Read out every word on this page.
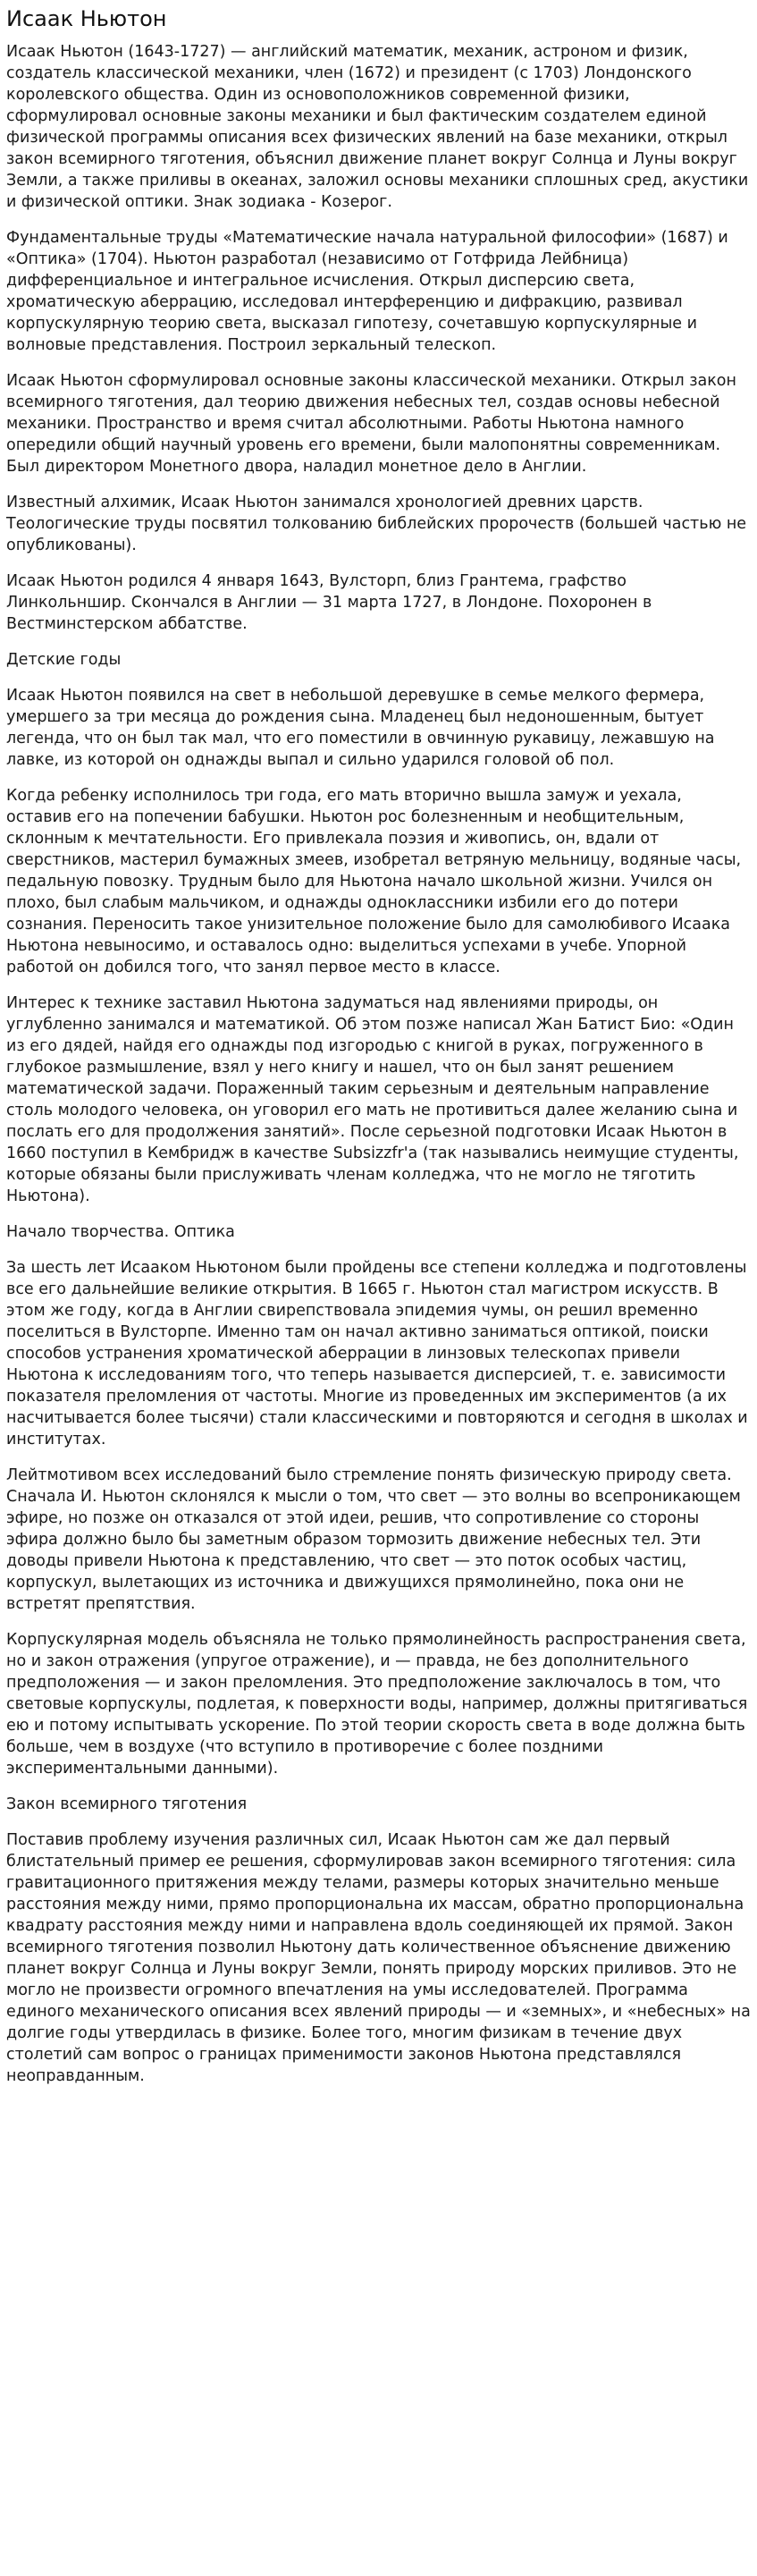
Исаак Ньютон

Исаак Ньютон (1643-1727) — английский математик, механик, астроном и физик, создатель классической механики, член (1672) и президент (с 1703) Лондонского королевского общества. Один из основоположников современной физики, сформулировал основные законы механики и был фактическим создателем единой физической программы описания всех физических явлений на базе механики, открыл закон всемирного тяготения, объяснил движение планет вокруг Солнца и Луны вокруг Земли, а также приливы в океанах, заложил основы механики сплошных сред, акустики и физической оптики. Знак зодиака - Козерог.

Фундаментальные труды «Математические начала натуральной философии» (1687) и «Оптика» (1704). Ньютон разработал (независимо от Готфрида Лейбница) дифференциальное и интегральное исчисления. Открыл дисперсию света, хроматическую аберрацию, исследовал интерференцию и дифракцию, развивал корпускулярную теорию света, высказал гипотезу, сочетавшую корпускулярные и волновые представления. Построил зеркальный телескоп.

Исаак Ньютон сформулировал основные законы классической механики. Открыл закон всемирного тяготения, дал теорию движения небесных тел, создав основы небесной механики. Пространство и время считал абсолютными. Работы Ньютона намного опередили общий научный уровень его времени, были малопонятны современникам. Был директором Монетного двора, наладил монетное дело в Англии.

Известный алхимик, Исаак Ньютон занимался хронологией древних царств. Теологические труды посвятил толкованию библейских пророчеств (большей частью не опубликованы).

Исаак Ньютон родился 4 января 1643, Вулсторп, близ Грантема, графство Линкольншир. Скончался в Англии — 31 марта 1727, в Лондоне. Похоронен в Вестминстерском аббатстве.

Детские годы

Исаак Ньютон появился на свет в небольшой деревушке в семье мелкого фермера, умершего за три месяца до рождения сына. Младенец был недоношенным, бытует легенда, что он был так мал, что его поместили в овчинную рукавицу, лежавшую на лавке, из которой он однажды выпал и сильно ударился головой об пол.

Когда ребенку исполнилось три года, его мать вторично вышла замуж и уехала, оставив его на попечении бабушки. Ньютон рос болезненным и необщительным, склонным к мечтательности. Его привлекала поэзия и живопись, он, вдали от сверстников, мастерил бумажных змеев, изобретал ветряную мельницу, водяные часы, педальную повозку. Трудным было для Ньютона начало школьной жизни. Учился он плохо, был слабым мальчиком, и однажды одноклассники избили его до потери сознания. Переносить такое унизительное положение было для самолюбивого Исаака Ньютона невыносимо, и оставалось одно: выделиться успехами в учебе. Упорной работой он добился того, что занял первое место в классе.

Интерес к технике заставил Ньютона задуматься над явлениями природы, он углубленно занимался и математикой. Об этом позже написал Жан Батист Био: «Один из его дядей, найдя его однажды под изгородью с книгой в руках, погруженного в глубокое размышление, взял у него книгу и нашел, что он был занят решением математической задачи. Пораженный таким серьезным и деятельным направление столь молодого человека, он уговорил его мать не противиться далее желанию сына и послать его для продолжения занятий». После серьезной подготовки Исаак Ньютон в 1660 поступил в Кембридж в качестве Subsizzfr'а (так назывались неимущие студенты, которые обязаны были прислуживать членам колледжа, что не могло не тяготить Ньютона).

Начало творчества. Оптика

За шесть лет Исааком Ньютоном были пройдены все степени колледжа и подготовлены все его дальнейшие великие открытия. В 1665 г. Ньютон стал магистром искусств. В этом же году, когда в Англии свирепствовала эпидемия чумы, он решил временно поселиться в Вулсторпе. Именно там он начал активно заниматься оптикой, поиски способов устранения хроматической аберрации в линзовых телескопах привели Ньютона к исследованиям того, что теперь называется дисперсией, т. е. зависимости показателя преломления от частоты. Многие из проведенных им экспериментов (а их насчитывается более тысячи) стали классическими и повторяются и сегодня в школах и институтах.

Лейтмотивом всех исследований было стремление понять физическую природу света. Сначала И. Ньютон склонялся к мысли о том, что свет — это волны во всепроникающем эфире, но позже он отказался от этой идеи, решив, что сопротивление со стороны эфира должно было бы заметным образом тормозить движение небесных тел. Эти доводы привели Ньютона к представлению, что свет — это поток особых частиц, корпускул, вылетающих из источника и движущихся прямолинейно, пока они не встретят препятствия.

Корпускулярная модель объясняла не только прямолинейность распространения света, но и закон отражения (упругое отражение), и — правда, не без дополнительного предположения — и закон преломления. Это предположение заключалось в том, что световые корпускулы, подлетая, к поверхности воды, например, должны притягиваться ею и потому испытывать ускорение. По этой теории скорость света в воде должна быть больше, чем в воздухе (что вступило в противоречие с более поздними экспериментальными данными).

Закон всемирного тяготения

Поставив проблему изучения различных сил, Исаак Ньютон сам же дал первый блистательный пример ее решения, сформулировав закон всемирного тяготения: сила гравитационного притяжения между телами, размеры которых значительно меньше расстояния между ними, прямо пропорциональна их массам, обратно пропорциональна квадрату расстояния между ними и направлена вдоль соединяющей их прямой. Закон всемирного тяготения позволил Ньютону дать количественное объяснение движению планет вокруг Солнца и Луны вокруг Земли, понять природу морских приливов. Это не могло не произвести огромного впечатления на умы исследователей. Программа единого механического описания всех явлений природы — и «земных», и «небесных» на долгие годы утвердилась в физике. Более того, многим физикам в течение двух столетий сам вопрос о границах применимости законов Ньютона представлялся неоправданным.
